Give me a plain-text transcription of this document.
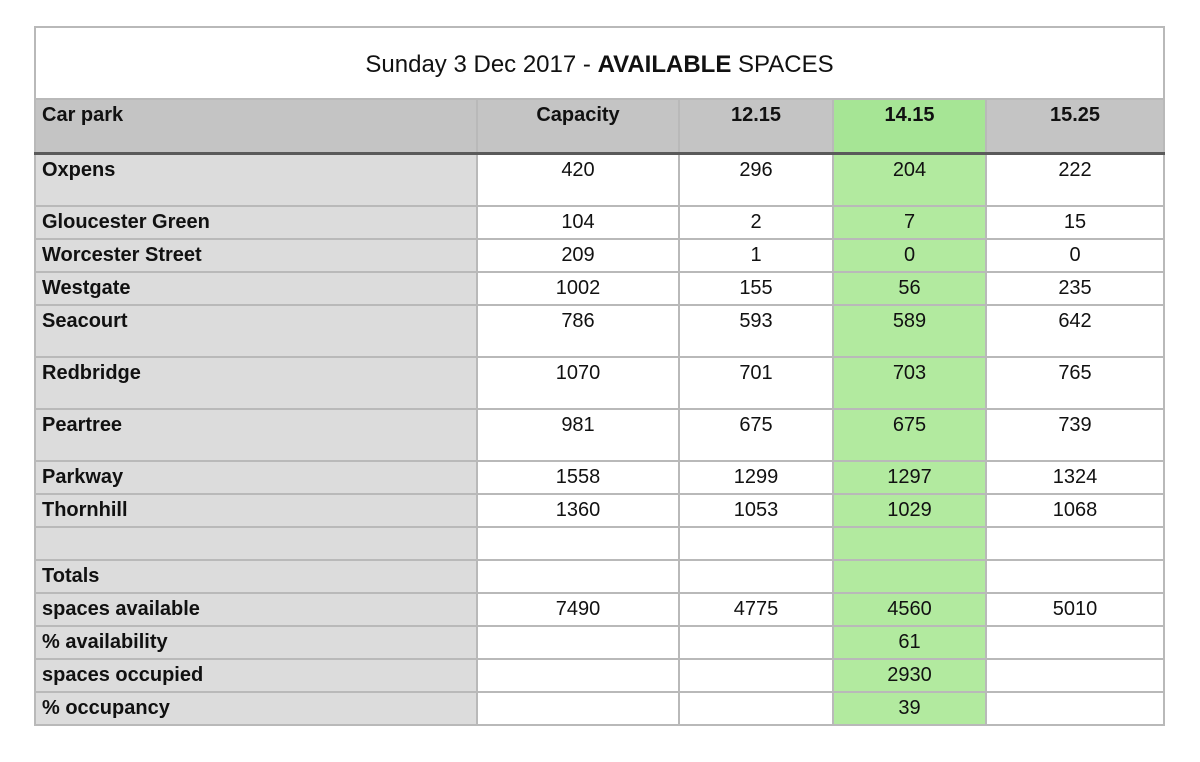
Sunday 3 Dec 2017 - AVAILABLE SPACES				
Car park	Capacity	12.15	14.15	15.25
Oxpens	420	296	204	222
Gloucester Green	104	2	7	15
Worcester Street	209	1	0	0
Westgate	1002	155	56	235
Seacourt	786	593	589	642
Redbridge	1070	701	703	765
Peartree	981	675	675	739
Parkway	1558	1299	1297	1324
Thornhill	1360	1053	1029	1068

Totals				
spaces available	7490	4775	4560	5010
% availability			61	
spaces occupied			2930	
% occupancy			39	
